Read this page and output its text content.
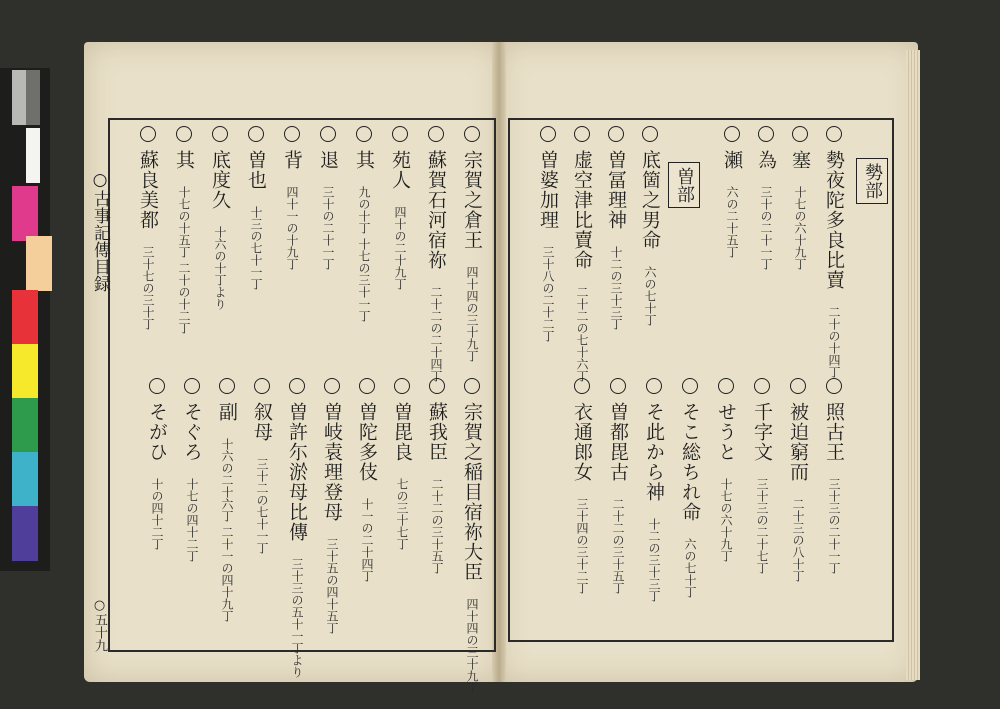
○古事記傳目録
○五十九
勢部
曽部	勢夜陀多良比賣
二十の十四丁
塞
十七の六十九丁
為
三十の二十一丁
瀬
六の二十五丁
底箇之男命
六の七十丁
曽冨理神
十二の三十三丁
虚空津比賣命
二十二の七十六丁
曽婆加理
三十八の二十二丁
照古王
三十三の二十一丁
被迫窮而
二十三の八十丁
千字文
三十三の二十七丁
せうと
十七の六十九丁
そこ総ちれ命
六の七十丁
そ此から神
十二の三十三丁
曽都毘古
二十二の三十五丁
衣通郎女
三十四の三十二丁
宗賀之倉王
四十四の三十九丁
蘇賀石河宿祢
二十二の二十四丁
苑人
四十の二十九丁
其
九の十丁 十七の三十一丁
退
三十の二十一丁
背
四十一の十九丁
曽也
十三の七十一丁
底度久
十六の十丁より
其
十七の十五丁 二十の十二丁
蘇良美都
三十七の三十丁
宗賀之稲目宿祢大臣
四十四の三十九丁
蘇我臣
二十二の三十五丁
曽毘良
七の三十七丁
曽陀多伎
十一の二十四丁
曽岐袁理登母
三十五の四十五丁
曽許尓淤母比傳
三十三の五十一丁より
叙母
三十二の七十一丁
副
十六の二十六丁 二十一の四十九丁
そぐろ
十七の四十二丁
そがひ
十の四十二丁
